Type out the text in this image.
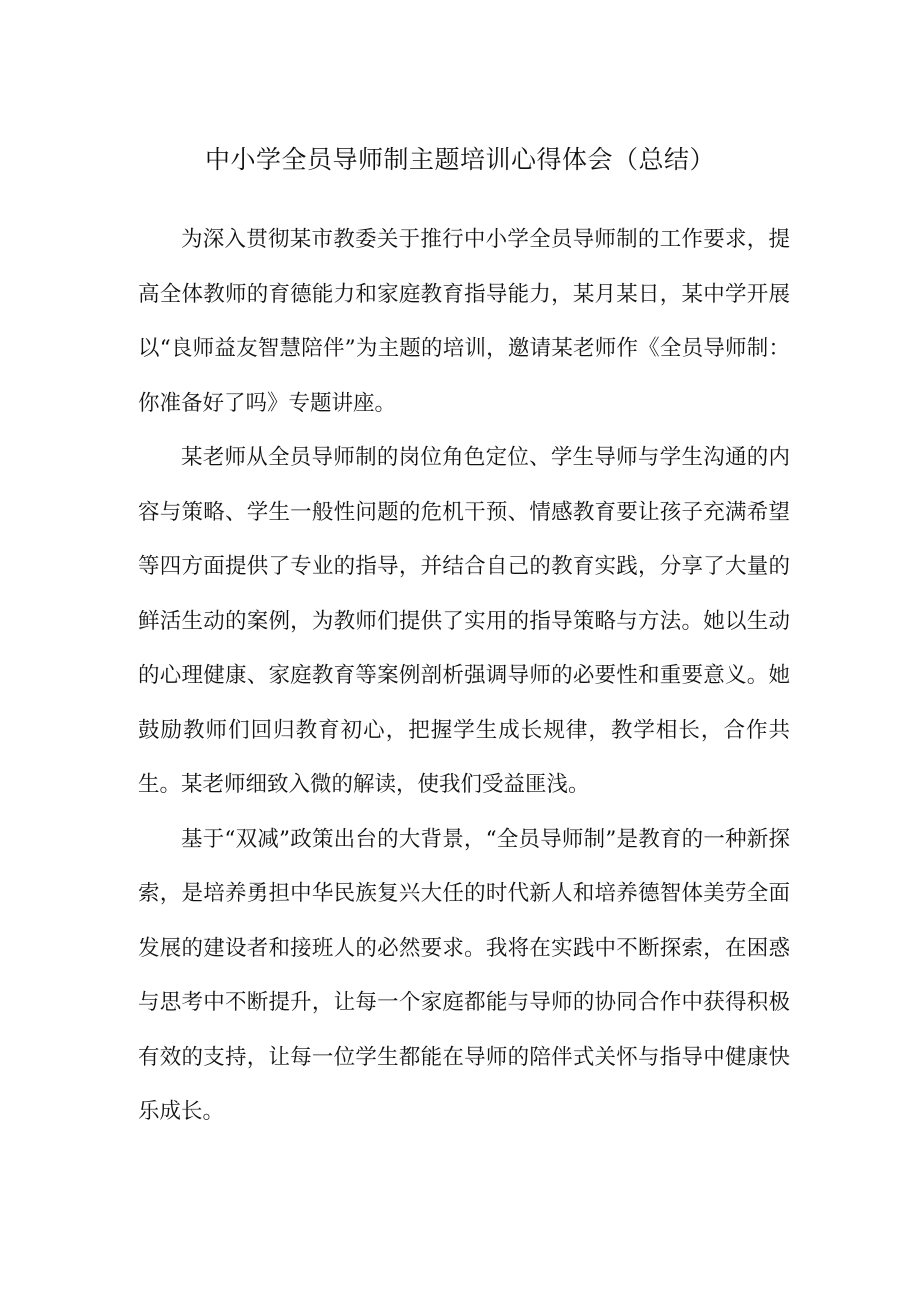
中小学全员导师制主题培训心得体会（总结）

为深入贯彻某市教委关于推行中小学全员导师制的工作要求，提高全体教师的育德能力和家庭教育指导能力，某月某日，某中学开展以“良师益友智慧陪伴”为主题的培训，邀请某老师作《全员导师制：你准备好了吗》专题讲座。

某老师从全员导师制的岗位角色定位、学生导师与学生沟通的内容与策略、学生一般性问题的危机干预、情感教育要让孩子充满希望等四方面提供了专业的指导，并结合自己的教育实践，分享了大量的鲜活生动的案例，为教师们提供了实用的指导策略与方法。她以生动的心理健康、家庭教育等案例剖析强调导师的必要性和重要意义。她鼓励教师们回归教育初心，把握学生成长规律，教学相长，合作共生。某老师细致入微的解读，使我们受益匪浅。

基于“双减”政策出台的大背景，“全员导师制”是教育的一种新探索，是培养勇担中华民族复兴大任的时代新人和培养德智体美劳全面发展的建设者和接班人的必然要求。我将在实践中不断探索，在困惑与思考中不断提升，让每一个家庭都能与导师的协同合作中获得积极有效的支持，让每一位学生都能在导师的陪伴式关怀与指导中健康快乐成长。
